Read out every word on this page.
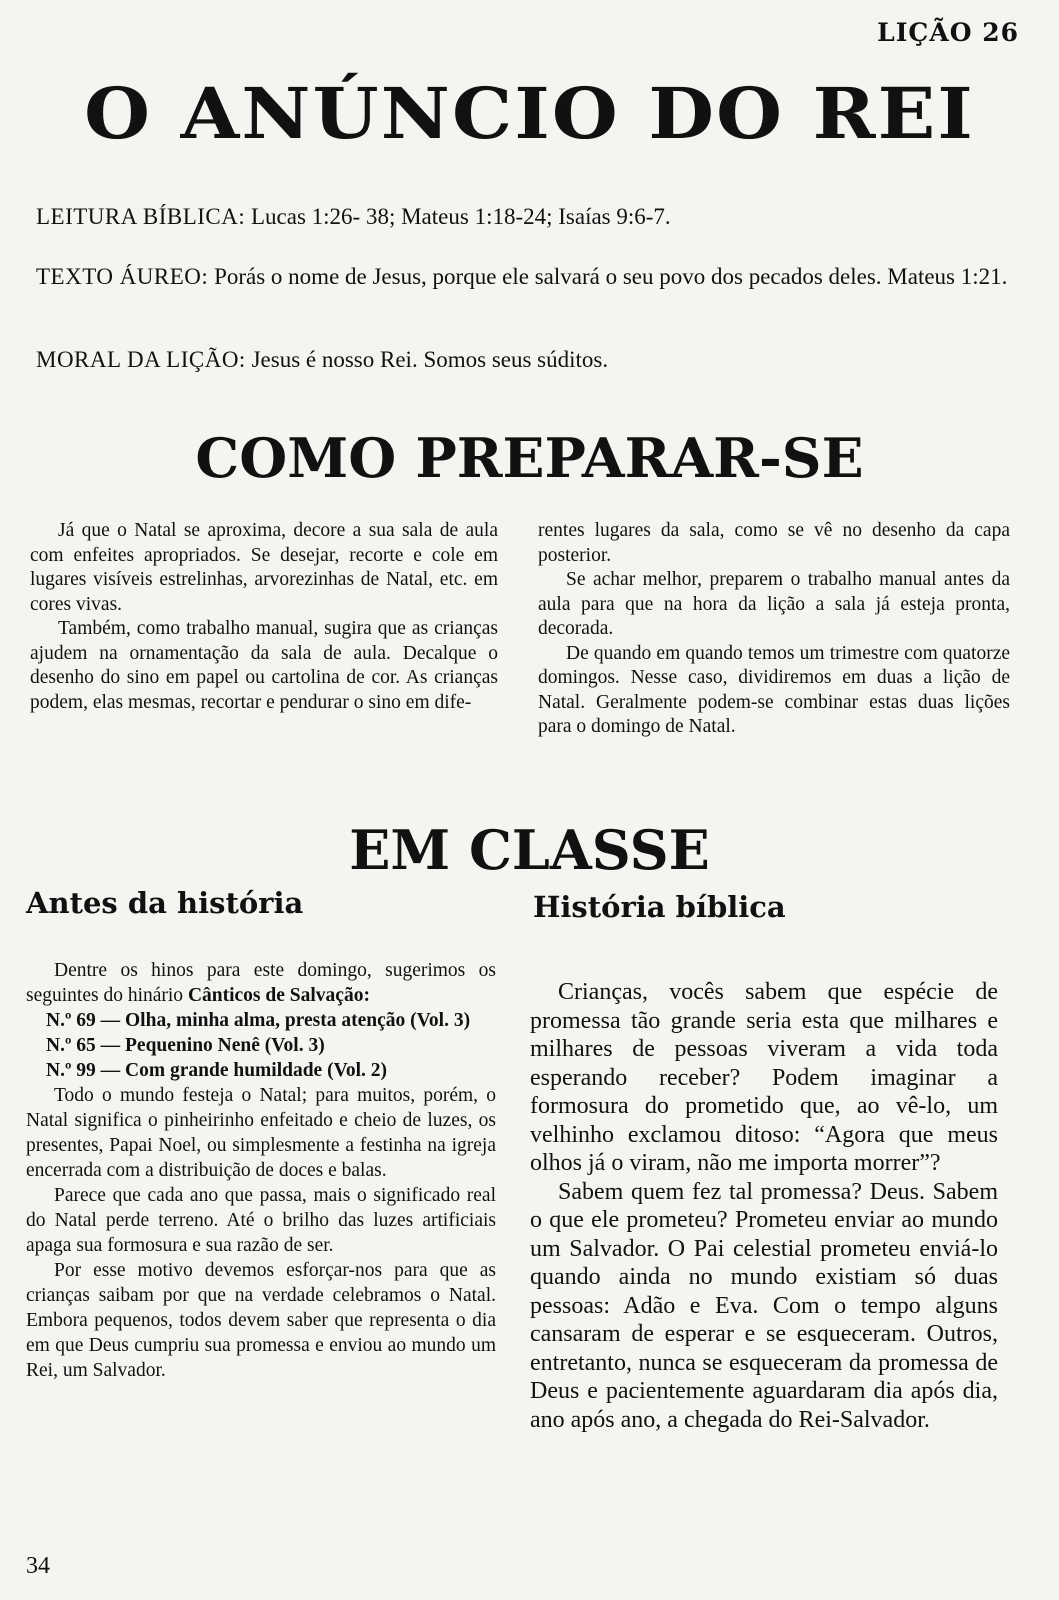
LIÇÃO 26
O ANÚNCIO DO REI
LEITURA BÍBLICA: Lucas 1:26- 38; Mateus 1:18-24; Isaías 9:6-7.
TEXTO ÁUREO: Porás o nome de Jesus, porque ele salvará o seu povo dos pecados deles. Mateus 1:21.
MORAL DA LIÇÃO: Jesus é nosso Rei. Somos seus súditos.
COMO PREPARAR-SE

Já que o Natal se aproxima, decore a sua sala de aula com enfeites apropriados. Se desejar, recorte e cole em lugares visíveis estrelinhas, arvorezinhas de Natal, etc. em cores vivas.

Também, como trabalho manual, sugira que as crianças ajudem na ornamentação da sala de aula. Decalque o desenho do sino em papel ou cartolina de cor. As crianças podem, elas mesmas, recortar e pendurar o sino em dife-

rentes lugares da sala, como se vê no desenho da capa posterior.

Se achar melhor, preparem o trabalho manual antes da aula para que na hora da lição a sala já esteja pronta, decorada.

De quando em quando temos um trimestre com quatorze domingos. Nesse caso, dividiremos em duas a lição de Natal. Geralmente podem-se combinar estas duas lições para o domingo de Natal.

EM CLASSE
Antes da história	História bíblica

Dentre os hinos para este domingo, sugerimos os seguintes do hinário Cânticos de Salvação:

N.º 69 — Olha, minha alma, presta atenção (Vol. 3)

N.º 65 — Pequenino Nenê (Vol. 3)

N.º 99 — Com grande humildade (Vol. 2)

Todo o mundo festeja o Natal; para muitos, porém, o Natal significa o pinheirinho enfeitado e cheio de luzes, os presentes, Papai Noel, ou simplesmente a festinha na igreja encerrada com a distribuição de doces e balas.

Parece que cada ano que passa, mais o significado real do Natal perde terreno. Até o brilho das luzes artificiais apaga sua formosura e sua razão de ser.

Por esse motivo devemos esforçar-nos para que as crianças saibam por que na verdade celebramos o Natal. Embora pequenos, todos devem saber que representa o dia em que Deus cumpriu sua promessa e enviou ao mundo um Rei, um Salvador.

Crianças, vocês sabem que espécie de promessa tão grande seria esta que milhares e milhares de pessoas viveram a vida toda esperando receber? Podem imaginar a formosura do prometido que, ao vê-lo, um velhinho exclamou ditoso: “Agora que meus olhos já o viram, não me importa morrer”?

Sabem quem fez tal promessa? Deus. Sabem o que ele prometeu? Prometeu enviar ao mundo um Salvador. O Pai celestial prometeu enviá-lo quando ainda no mundo existiam só duas pessoas: Adão e Eva. Com o tempo alguns cansaram de esperar e se esqueceram. Outros, entretanto, nunca se esqueceram da promessa de Deus e pacientemente aguardaram dia após dia, ano após ano, a chegada do Rei-Salvador.

34
